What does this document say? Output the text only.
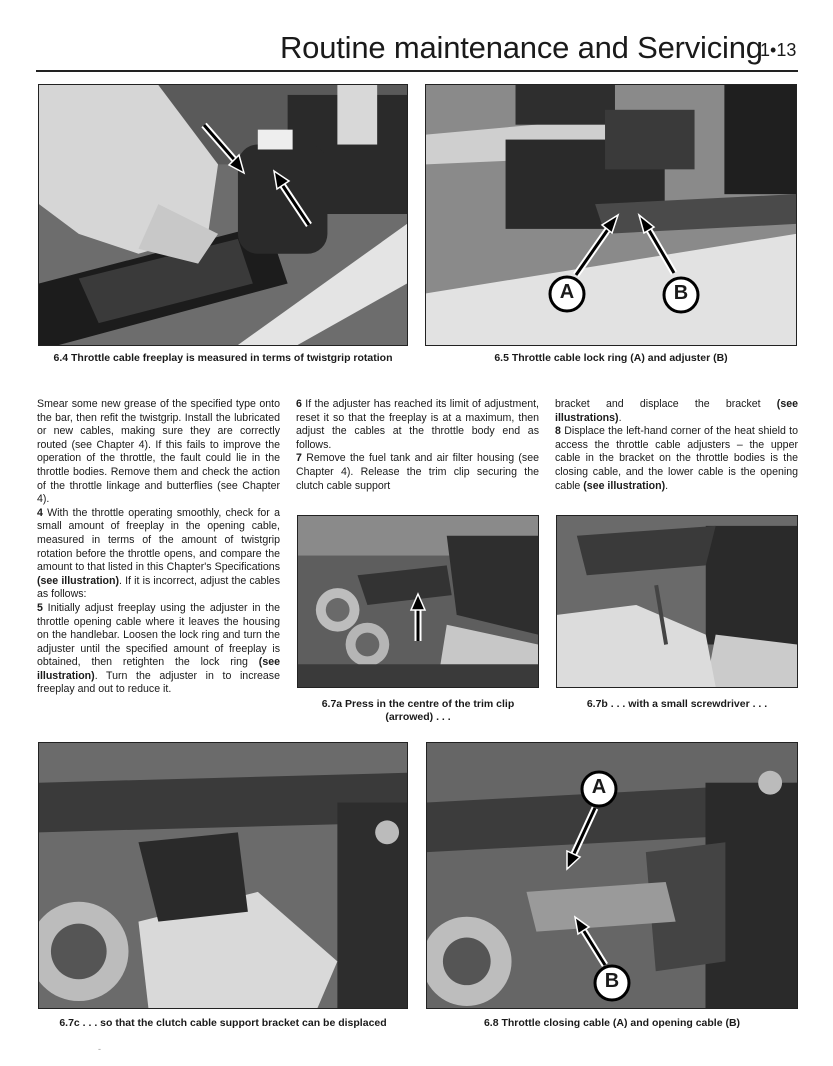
Routine maintenance and Servicing
1•13
6.4 Throttle cable freeplay is measured in terms of twistgrip rotation
A	B
6.5 Throttle cable lock ring (A) and adjuster (B)

Smear some new grease of the specified type onto the bar, then refit the twistgrip. Install the lubricated or new cables, making sure they are correctly routed (see Chapter 4). If this fails to improve the operation of the throttle, the fault could lie in the throttle bodies. Remove them and check the action of the throttle linkage and butterflies (see Chapter 4).

4 With the throttle operating smoothly, check for a small amount of freeplay in the opening cable, measured in terms of the amount of twistgrip rotation before the throttle opens, and compare the amount to that listed in this Chapter's Specifications (see illustration). If it is incorrect, adjust the cables as follows:

5 Initially adjust freeplay using the adjuster in the throttle opening cable where it leaves the housing on the handlebar. Loosen the lock ring and turn the adjuster until the specified amount of freeplay is obtained, then retighten the lock ring (see illustration). Turn the adjuster in to increase freeplay and out to reduce it.

6 If the adjuster has reached its limit of adjustment, reset it so that the freeplay is at a maximum, then adjust the cables at the throttle body end as follows.

7 Remove the fuel tank and air filter housing (see Chapter 4). Release the trim clip securing the clutch cable support

bracket and displace the bracket (see illustrations).

8 Displace the left-hand corner of the heat shield to access the throttle cable adjusters – the upper cable in the bracket on the throttle bodies is the closing cable, and the lower cable is the opening cable (see illustration).

6.7a Press in the centre of the trim clip (arrowed) . . .
6.7b . . . with a small screwdriver . . .
6.7c . . . so that the clutch cable support bracket can be displaced
A
B
6.8 Throttle closing cable (A) and opening cable (B)
-
